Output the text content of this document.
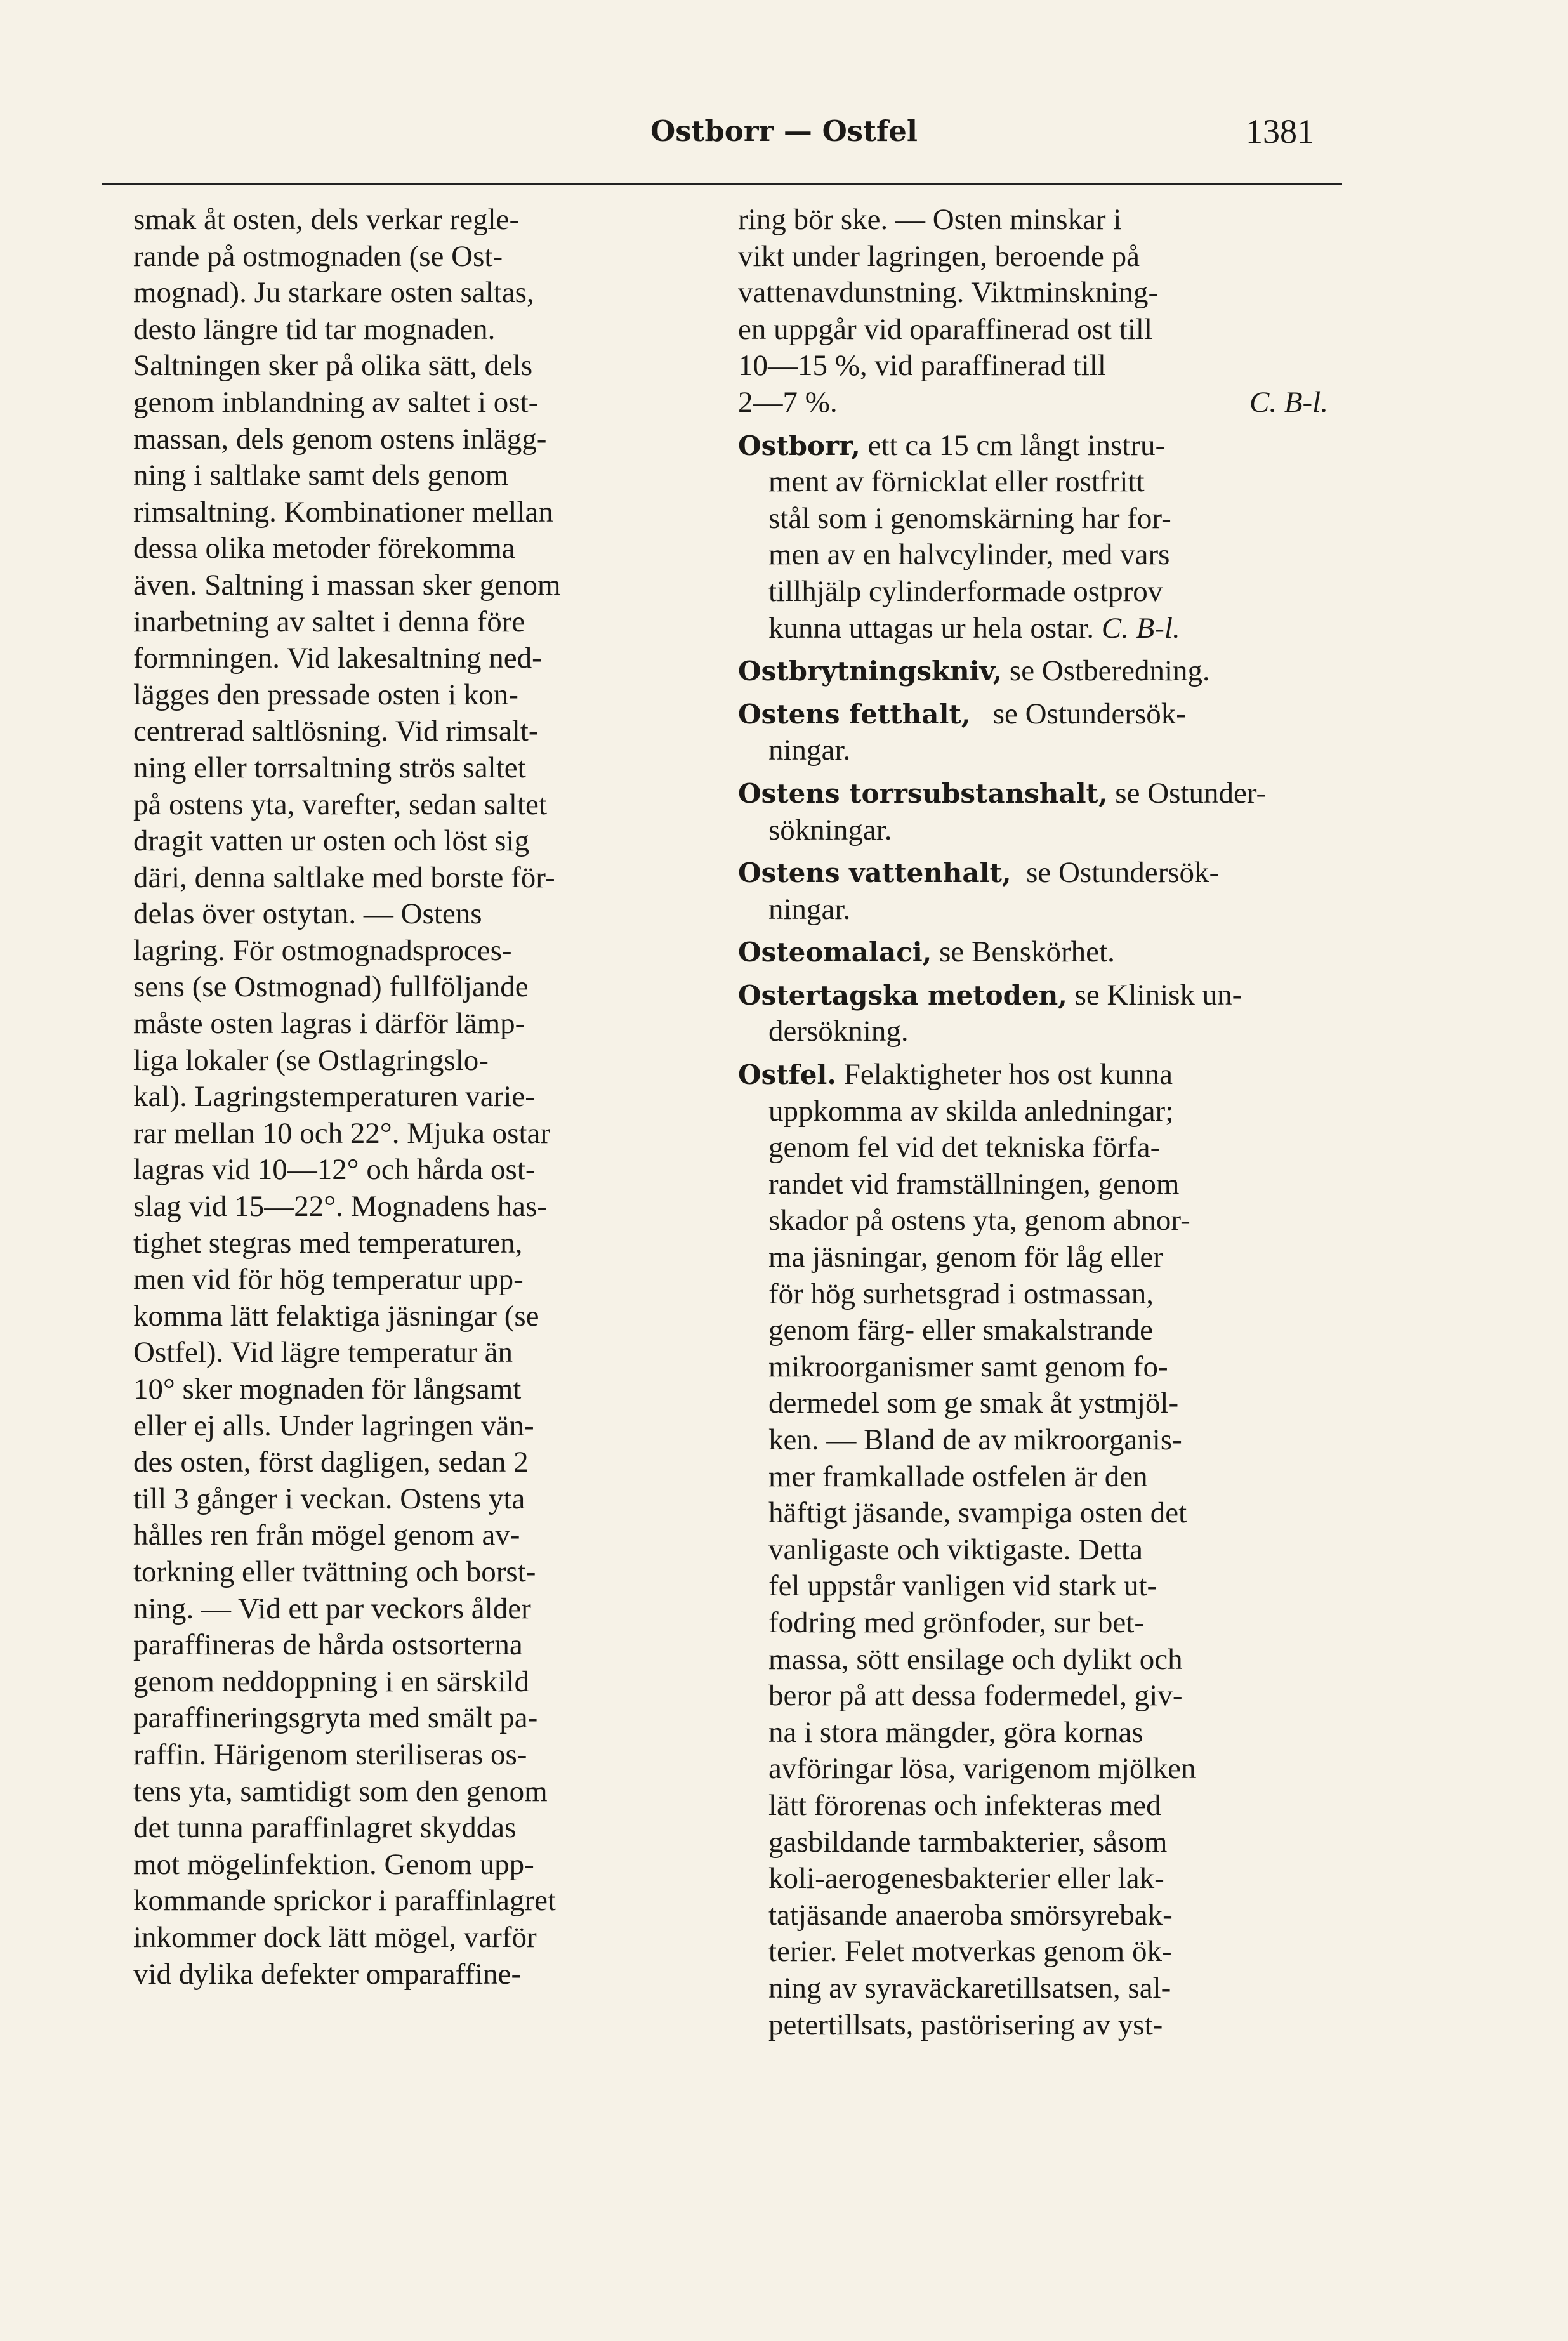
Ostborr — Ostfel	1381
smak åt osten, dels verkar regle-
rande på ostmognaden (se Ost-
mognad). Ju starkare osten saltas,
desto längre tid tar mognaden.
Saltningen sker på olika sätt, dels
genom inblandning av saltet i ost-
massan, dels genom ostens inlägg-
ning i saltlake samt dels genom
rimsaltning. Kombinationer mellan
dessa olika metoder förekomma
även. Saltning i massan sker genom
inarbetning av saltet i denna före
formningen. Vid lakesaltning ned-
lägges den pressade osten i kon-
centrerad saltlösning. Vid rimsalt-
ning eller torrsaltning strös saltet
på ostens yta, varefter, sedan saltet
dragit vatten ur osten och löst sig
däri, denna saltlake med borste för-
delas över ostytan. — Ostens
lagring. För ostmognadsproces-
sens (se Ostmognad) fullföljande
måste osten lagras i därför lämp-
liga lokaler (se Ostlagringslo-
kal). Lagringstemperaturen varie-
rar mellan 10 och 22°. Mjuka ostar
lagras vid 10—12° och hårda ost-
slag vid 15—22°. Mognadens has-
tighet stegras med temperaturen,
men vid för hög temperatur upp-
komma lätt felaktiga jäsningar (se
Ostfel). Vid lägre temperatur än
10° sker mognaden för långsamt
eller ej alls. Under lagringen vän-
des osten, först dagligen, sedan 2
till 3 gånger i veckan. Ostens yta
hålles ren från mögel genom av-
torkning eller tvättning och borst-
ning. — Vid ett par veckors ålder
paraffineras de hårda ostsorterna
genom neddoppning i en särskild
paraffineringsgryta med smält pa-
raffin. Härigenom steriliseras os-
tens yta, samtidigt som den genom
det tunna paraffinlagret skyddas
mot mögelinfektion. Genom upp-
kommande sprickor i paraffinlagret
inkommer dock lätt mögel, varför
vid dylika defekter omparaffine-
ring bör ske. — Osten minskar i
vikt under lagringen, beroende på
vattenavdunstning. Viktminskning-
en uppgår vid oparaffinerad ost till
10—15 %, vid paraffinerad till
2—7 %.	C. B-l.
Ostborr, ett ca 15 cm långt instru-
ment av förnicklat eller rostfritt
stål som i genomskärning har for-
men av en halvcylinder, med vars
tillhjälp cylinderformade ostprov
kunna uttagas ur hela ostar. C. B-l.
Ostbrytningskniv, se Ostberedning.
Ostens fetthalt, se Ostundersök-
ningar.
Ostens torrsubstanshalt, se Ostunder-
sökningar.
Ostens vattenhalt, se Ostundersök-
ningar.
Osteomalaci, se Benskörhet.
Ostertagska metoden, se Klinisk un-
dersökning.
Ostfel. Felaktigheter hos ost kunna
uppkomma av skilda anledningar;
genom fel vid det tekniska förfa-
randet vid framställningen, genom
skador på ostens yta, genom abnor-
ma jäsningar, genom för låg eller
för hög surhetsgrad i ostmassan,
genom färg- eller smakalstrande
mikroorganismer samt genom fo-
dermedel som ge smak åt ystmjöl-
ken. — Bland de av mikroorganis-
mer framkallade ostfelen är den
häftigt jäsande, svampiga osten det
vanligaste och viktigaste. Detta
fel uppstår vanligen vid stark ut-
fodring med grönfoder, sur bet-
massa, sött ensilage och dylikt och
beror på att dessa fodermedel, giv-
na i stora mängder, göra kornas
avföringar lösa, varigenom mjölken
lätt förorenas och infekteras med
gasbildande tarmbakterier, såsom
koli-aerogenesbakterier eller lak-
tatjäsande anaeroba smörsyrebak-
terier. Felet motverkas genom ök-
ning av syraväckaretillsatsen, sal-
petertillsats, pastörisering av yst-
